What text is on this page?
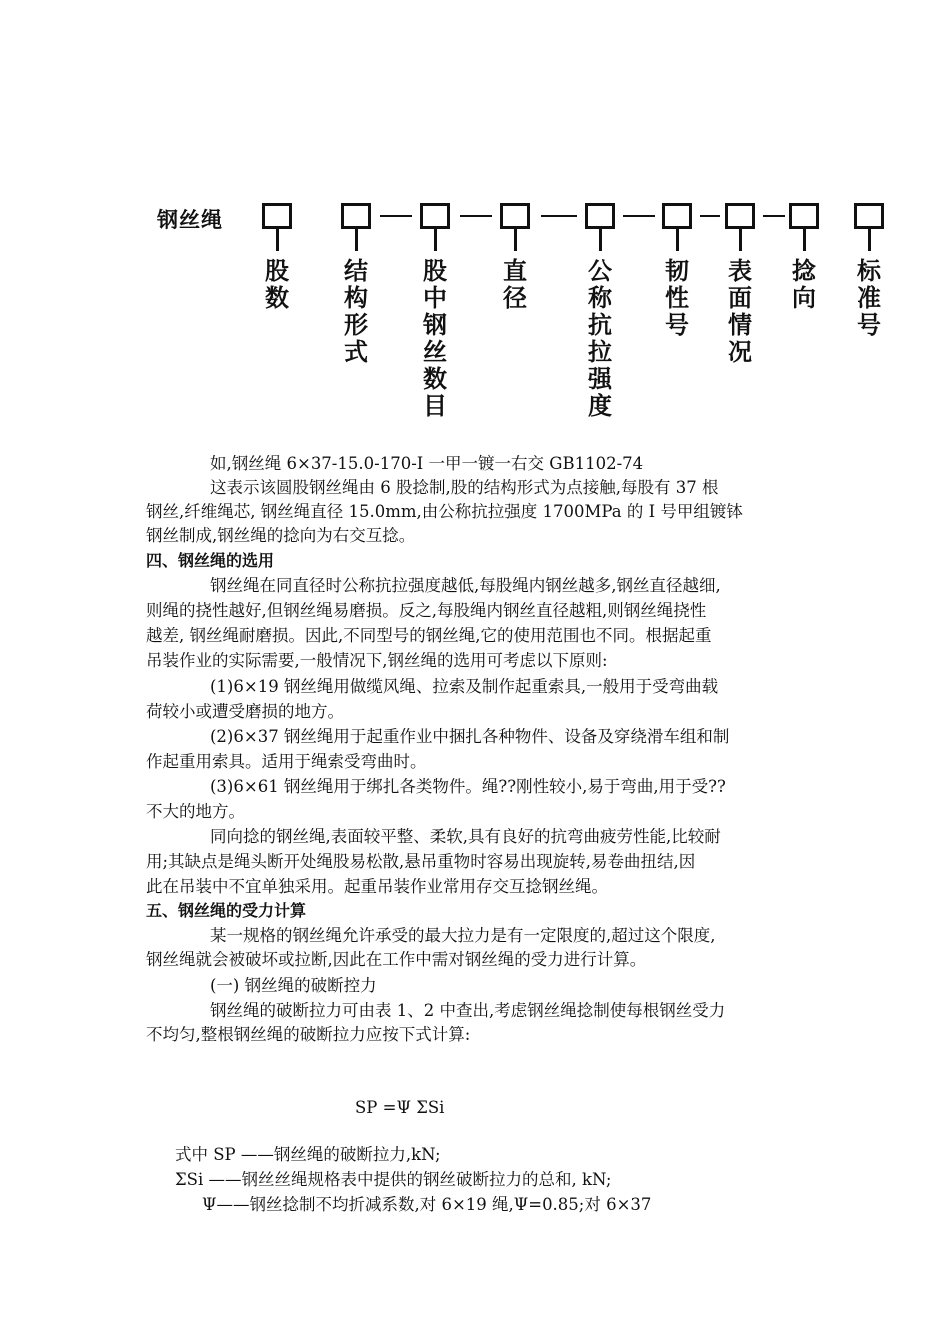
钢丝绳
股数
结构形式
股中钢丝数目
直径
公称抗拉强度
韧性号
表面情况
捻向
标准号
如,钢丝绳 6×37-15.0-170-I 一甲一镀一右交 GB1102-74
这表示该圆股钢丝绳由 6 股捻制,股的结构形式为点接触,每股有 37 根
钢丝,纤维绳芯, 钢丝绳直径 15.0mm,由公称抗拉强度 1700MPa 的 I 号甲组镀钵
钢丝制成,钢丝绳的捻向为右交互捻。
四、钢丝绳的选用
钢丝绳在同直径时公称抗拉强度越低,每股绳内钢丝越多,钢丝直径越细,
则绳的挠性越好,但钢丝绳易磨损。反之,每股绳内钢丝直径越粗,则钢丝绳挠性
越差, 钢丝绳耐磨损。因此,不同型号的钢丝绳,它的使用范围也不同。根据起重
吊装作业的实际需要,一般情况下,钢丝绳的选用可考虑以下原则:
(1)6×19 钢丝绳用做缆风绳、拉索及制作起重索具,一般用于受弯曲载
荷较小或遭受磨损的地方。
(2)6×37 钢丝绳用于起重作业中捆扎各种物件、设备及穿绕滑车组和制
作起重用索具。适用于绳索受弯曲时。
(3)6×61 钢丝绳用于绑扎各类物件。绳??刚性较小,易于弯曲,用于受??
不大的地方。
同向捻的钢丝绳,表面较平整、柔软,具有良好的抗弯曲疲劳性能,比较耐
用;其缺点是绳头断开处绳股易松散,悬吊重物时容易出现旋转,易卷曲扭结,因
此在吊装中不宜单独采用。起重吊装作业常用存交互捻钢丝绳。
五、钢丝绳的受力计算
某一规格的钢丝绳允许承受的最大拉力是有一定限度的,超过这个限度,
钢丝绳就会被破坏或拉断,因此在工作中需对钢丝绳的受力进行计算。
(一) 钢丝绳的破断控力
钢丝绳的破断拉力可由表 1、2 中查出,考虑钢丝绳捻制使每根钢丝受力
不均匀,整根钢丝绳的破断拉力应按下式计算:
SP =Ψ ΣSi
式中 SP ——钢丝绳的破断拉力,kN;
ΣSi ——钢丝丝绳规格表中提供的钢丝破断拉力的总和, kN;
Ψ——钢丝捻制不均折减系数,对 6×19 绳,Ψ=0.85;对 6×37
